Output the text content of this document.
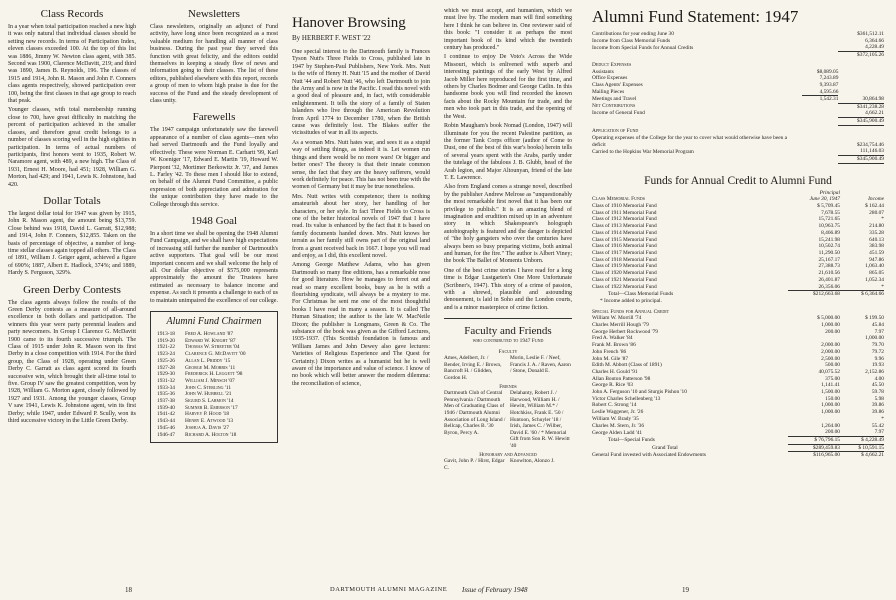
Class Records

In a year when total participation reached a new high it was only natural that individual classes should be setting new records. In terms of Participation Index, eleven classes exceeded 100. At the top of this list was 1886, Jimmy W. Newton class agent, with 385. Second was 1900, Clarence McDavitt, 219; and third was 1890, James B. Reynolds, 196. The classes of 1915 and 1914, John R. Mason and John F. Conners class agents respectively, showed participation over 100, being the first classes in that age group to reach that peak.

Younger classes, with total membership running close to 700, have great difficulty in matching the percent of participation achieved in the smaller classes, and therefore great credit belongs to a number of classes scoring well in the high eighties in participation. In terms of actual numbers of participants, first honors went to 1935, Robert W. Naramore agent, with 489, a new high. The Class of 1931, Ernest H. Moore, had 451; 1928, William G. Morton, had 429; and 1941, Lewis K. Johnstone, had 420.

Dollar Totals

The largest dollar total for 1947 was given by 1915, John R. Mason agent, the amount being $13,759. Close behind was 1918, David L. Garratt, $12,988; and 1914, John F. Conners, $12,855. Taken on the basis of percentage of objective, a number of long-time stellar classes again topped all others. The Class of 1891, William J. Geiger agent, achieved a figure of 690%; 1887, Albert E. Hadlock, 374%; and 1889, Hardy S. Ferguson, 329%.

Green Derby Contests

The class agents always follow the results of the Green Derby contests as a measure of all-around excellence in both dollars and participation. The winners this year were party perennial leaders and party newcomers. In Group I Clarence G. McDavitt 1900 came to its fourth successive triumph. The Class of 1915 under John R. Mason won its first Derby in a close competition with 1914. For the third group, the Class of 1928, operating under Green Derby C. Garratt as class agent scored its fourth successive win, which brought their all-time total to five. Group IV saw the greatest competition, won by 1928, William G. Morton agent, closely followed by 1927 and 1931. Among the younger classes, Group V saw 1941, Lewis K. Johnstone agent, win its first Derby; while 1947, under Edward P. Scully, won its third successive victory in the Little Green Derby.

Newsletters

Class newsletters, originally an adjunct of Fund activity, have long since been recognized as a most valuable medium for handling all manner of class business. During the past year they served this function with great felicity, and the editors outdid themselves in keeping a steady flow of news and information going to their classes. The list of these editors, published elsewhere with this report, records a group of men to whom high praise is due for the success of the Fund and the steady development of class unity.

Farewells

The 1947 campaign unfortunately saw the farewell appearance of a number of class agents—men who had served Dartmouth and the Fund loyally and effectively. These were Norman E. Carhartt '99, Karl W. Koeniger '17, Edward E. Martin '19, Howard W. Pierpont '32, Mortimer Berkowitz Jr. '37, and James L. Farley '42. To these men I should like to extend, on behalf of the Alumni Fund Committee, a public expression of both appreciation and admiration for the unique contribution they have made to the College through this service.

1948 Goal

In a short time we shall be opening the 1948 Alumni Fund Campaign, and we shall have high expectations of increasing still further the number of Dartmouth's active supporters. That goal will be our most important concern and we shall welcome the help of all. Our dollar objective of $575,000 represents approximately the amount the Trustees have estimated as necessary to balance income and expense. As such it presents a challenge to each of us to maintain unimpaired the excellence of our college.

Alumni Fund Chairmen
1913-18	Fred A. Howland '87
1919-20	Edward W. Knight '87
1921-22	Thomas W. Streeter '04
1923-24	Clarence G. McDavitt '00
1925-26	Allan L. Priddy '15
1927-28	George M. Morris '11
1929-30	Frederick H. Leggett '98
1931-32	William J. Minsch '07
1933-34	John C. Sterling '11
1935-36	John W. Hubbell '21
1937-38	Sigurd S. Larmon '14
1939-40	Sumner B. Emerson '17
1941-42	Harvey P. Hood '18
1943-44	Henry E. Atwood '13
1945-46	Joshua A. Davis '27
1946-47	Richard A. Holton '18
Hanover Browsing
By HERBERT F. WEST '22

One special interest to the Dartmouth family is Frances Tyson Nutt's Three Fields to Cross, published late in 1947 by Stephen-Paul Publishers, New York. Mrs. Nutt is the wife of Henry H. Nutt '15 and the mother of David Nutt '44 and Robert Nutt '46, who left Dartmouth to join the Army and is now in the Pacific. I read this novel with a good deal of pleasure and, in fact, with considerable enlightenment. It tells the story of a family of Staten Islanders who live through the American Revolution from April 1774 to December 1780, when the British cause was definitely lost. The Blakes suffer the vicissitudes of war in all its aspects.

As a woman Mrs. Nutt hates war, and sees it as a stupid way of settling things, as indeed it is. Let women run things and there would be no more wars! Or bigger and better ones? The theory is that their innate common sense, the fact that they are the heavy sufferers, would work definitely for peace. This has not been true with the women of Germany but it may be true nonetheless.

Mrs. Nutt writes with competence; there is nothing amateurish about her story, her handling of her characters, or her style. In fact Three Fields to Cross is one of the better historical novels of 1947 that I have read. Its value is enhanced by the fact that it is based on family documents handed down. Mrs. Nutt knows her terrain as her family still owns part of the original land from a grant received back in 1667. I hope you will read and enjoy, as I did, this excellent novel.

Among George Matthew Adams, who has given Dartmouth so many fine editions, has a remarkable nose for good literature. How he manages to ferret out and read so many excellent books, busy as he is with a flourishing syndicate, will always be a mystery to me. For Christmas he sent me one of the most thoughtful books I have read in many a season. It is called The Human Situation; the author is the late W. MacNeile Dixon; the publisher is Longmans, Green & Co. The substance of the book was given as the Gifford Lectures, 1935-1937. (This Scottish foundation is famous and William James and John Dewey also gave lectures: Varieties of Religious Experience and The Quest for Certainty.) Dixon writes as a humanist but he is well aware of the importance and value of science. I know of no book which will better answer the modern dilemma: the reconciliation of science,

which we must accept, and humanism, which we must live by. The modern man will find something here I think he can believe in. One reviewer said of this book: "I consider it as perhaps the most important book of its kind which the twentieth century has produced."

I continue to enjoy De Voto's Across the Wide Missouri, which is enlivened with superb and interesting paintings of the early West by Alfred Jacob Miller here reproduced for the first time, and others by Charles Bodmer and George Catlin. In this handsome book you will find recorded the known facts about the Rocky Mountain fur trade, and the men who took part in this trade, and the opening of the West.

Robin Maugham's book Nomad (London, 1947) will illuminate for you the recent Palestine partition, as the former Tank Corps officer (author of Come to Dust, one of the best of this war's books) herein tells of several years spent with the Arabs, partly under the tutelage of the fabulous J. B. Glubb, head of the Arab legion, and Major Altounyan, friend of the late T. E. Lawrence.

Also from England comes a strange novel, described by the publisher Andrew Melrose as "unquestionably the most remarkable first novel that it has been our privilege to publish." It is an amazing blend of imagination and erudition mixed up in an adventure story in which Shakespeare's holograph autobiography is featured and the danger is depicted of "the holy gangsters who over the centuries have always been so busy preparing victims, both animal and human, for the fire." The author is Albert Viney; the book The Ballet of Moments Unborn.

One of the best crime stories I have read for a long time is Edgar Lustgarten's One More Unfortunate (Scribner's, 1947). This story of a crime of passion, with a shrewd, plausible and astounding denouement, is laid in Soho and the London courts, and is a minor masterpiece of crime fiction.

Faculty and Friends
who contributed to 1947 Fund
Faculty
Ames, Adelbert, Jr. / Bender, Irving E. / Brown, Bancroft H. / Glidden, Gordon H.
Morin, Leslie F. / Neef, Francis J. A. / Raven, Aaron / Stone, Donald E.
Friends
Dartmouth Club of Central Pennsylvania / Dartmouth Men of Graduating Class of 1946 / Dartmouth Alumni Association of Long Island / Bellcap, Charles B. '30 Byron, Percy A.
Delahanty, Robert J. / Harwood, William H. / Hewitt, William M.* / Hotchkiss, Frank E. '50 / Huntoon, Schuyler '18 / Irish, James C. / Wilber, David E. '60 / * Memorial Gift from Son R. W. Hewitt '40
Honorary and Advanced
Gavit, John P. / Hirst, Edgar C.
Knowlton, Alonzo J.
Alumni Fund Statement: 1947
Contributions for year ending June 30		$361,512.11
Income from Class Memorial Funds		6,364.66
Income from Special Funds for Annual Credits		4,228.49
		$372,105.26
Deduct Expenses		
Assistants	$8,089.05	
Office Expenses	7,243.89	
Class Agents' Expenses	9,393.87	
Mailing Pieces	4,595.66	
Meetings and Travel	1,542.31	30,864.98
Net Contributions		$341,238.28
Income of General Fund		4,662.21
		$345,900.49
Application of Fund		
Operating expenses of the College for the year to cover what would otherwise have been a deficit		$234,754.46
Carried to the Hopkins War Memorial Program		111,146.03
		$345,900.49
Funds for Annual Credit to Alumni Fund
	Principal	
Class Memorial Funds	June 30, 1947	Income
Class of 1910 Memorial Fund	$ 5,709.45	$ 162.44
Class of 1911 Memorial Fund	7,678.55	280.07
Class of 1912 Memorial Fund	15,721.65	*
Class of 1913 Memorial Fund	10,963.75	214.80
Class of 1914 Memorial Fund	8,466.89	335.28
Class of 1915 Memorial Fund	15,241.98	640.13
Class of 1916 Memorial Fund	10,502.74	383.98
Class of 1917 Memorial Fund	11,290.50	451.59
Class of 1918 Memorial Fund	25,167.17	947.86
Class of 1919 Memorial Fund	27,388.73	1,063.40
Class of 1920 Memorial Fund	21,610.56	865.05
Class of 1921 Memorial Fund	26,401.87	1,052.34
Class of 1922 Memorial Fund	26,356.06	*
Total—Class Memorial Funds	$212,663.68	$ 6,364.66
* Income added to principal.		
Special Funds for Annual Credit		
William W. Morrill '74	$ 5,000.00	$ 199.50
Charles Merrill Hough '79	1,000.00	45.84
George Herbert Rockwood '79	200.00	7.97
Fred A. Walker '84		1,000.00
Frank M. Brown '86	2,000.00	79.70
John French '86	2,000.00	79.72
John M. Gile '87	2,500.00	9.96
Edith M. Abbott (Class of 1891)	500.00	19.93
Charles H. Gould '91	40,075.52	2,152.86
Allan Bouton Patterson '98	375.00	4.00
George R. Rice '03	1,141.41	45.50
John A. Ferguson '10 and Sturgis Pishon '10	1,500.00	59.78
Victor Charles Schellenberg '13	150.00	5.98
Robert C. Strong '14	1,000.00	39.86
Leslie Waggener, Jr. '26	1,000.00	39.86
William W. Brady '35		*
Charles M. Stern, Jr. '36	1,264.00	55.42
George Alden Ladd '41	200.00	7.97
Total—Special Funds	$ 76,796.15	$ 4,228.49
Grand Total	$289,459.83	$ 10,591.15
General Fund invested with Associated Endowments	$116,965.00	$ 4,662.21
18	DARTMOUTH ALUMNI MAGAZINE Issue of February 1948	19
